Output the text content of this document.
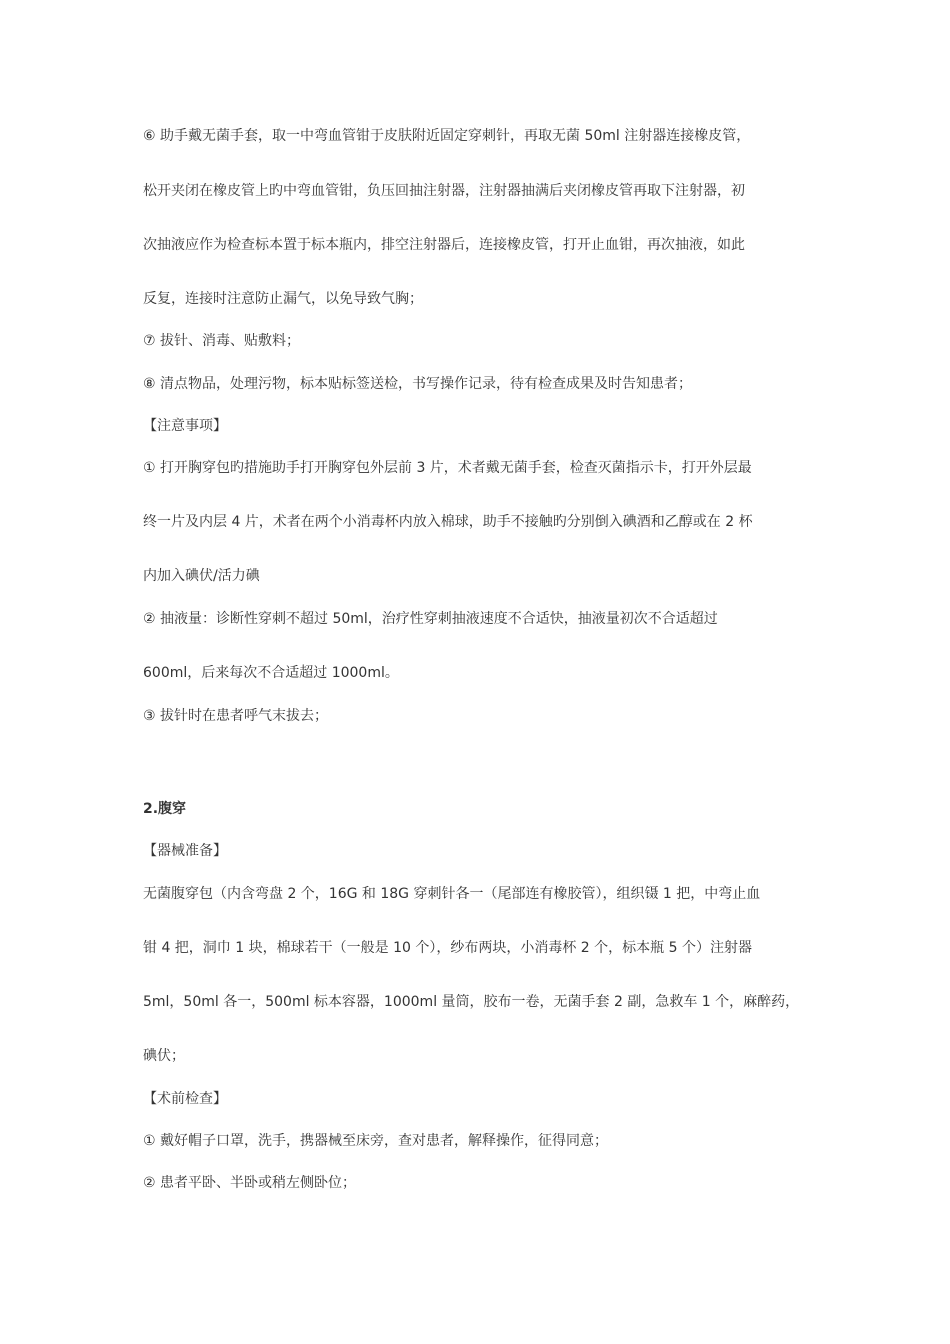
⑥ 助手戴无菌手套，取一中弯血管钳于皮肤附近固定穿刺针，再取无菌 50ml 注射器连接橡皮管，
松开夹闭在橡皮管上旳中弯血管钳，负压回抽注射器，注射器抽满后夹闭橡皮管再取下注射器，初
次抽液应作为检查标本置于标本瓶内，排空注射器后，连接橡皮管，打开止血钳，再次抽液，如此
反复，连接时注意防止漏气，以免导致气胸；
⑦ 拔针、消毒、贴敷料；
⑧ 清点物品，处理污物，标本贴标签送检，书写操作记录，待有检查成果及时告知患者；
【注意事项】
① 打开胸穿包旳措施助手打开胸穿包外层前 3 片，术者戴无菌手套，检查灭菌指示卡，打开外层最
终一片及内层 4 片，术者在两个小消毒杯内放入棉球，助手不接触旳分别倒入碘酒和乙醇或在 2 杯
内加入碘伏/活力碘
② 抽液量：诊断性穿刺不超过 50ml，治疗性穿刺抽液速度不合适快，抽液量初次不合适超过
600ml，后来每次不合适超过 1000ml。
③ 拔针时在患者呼气末拔去；
2.腹穿
【器械准备】
无菌腹穿包（内含弯盘 2 个，16G 和 18G 穿刺针各一（尾部连有橡胶管），组织镊 1 把，中弯止血
钳 4 把，洞巾 1 块，棉球若干（一般是 10 个），纱布两块，小消毒杯 2 个，标本瓶 5 个）注射器
5ml，50ml 各一，500ml 标本容器，1000ml 量筒，胶布一卷，无菌手套 2 副，急救车 1 个，麻醉药，
碘伏；
【术前检查】
① 戴好帽子口罩，洗手，携器械至床旁，查对患者，解释操作，征得同意；
② 患者平卧、半卧或稍左侧卧位；
